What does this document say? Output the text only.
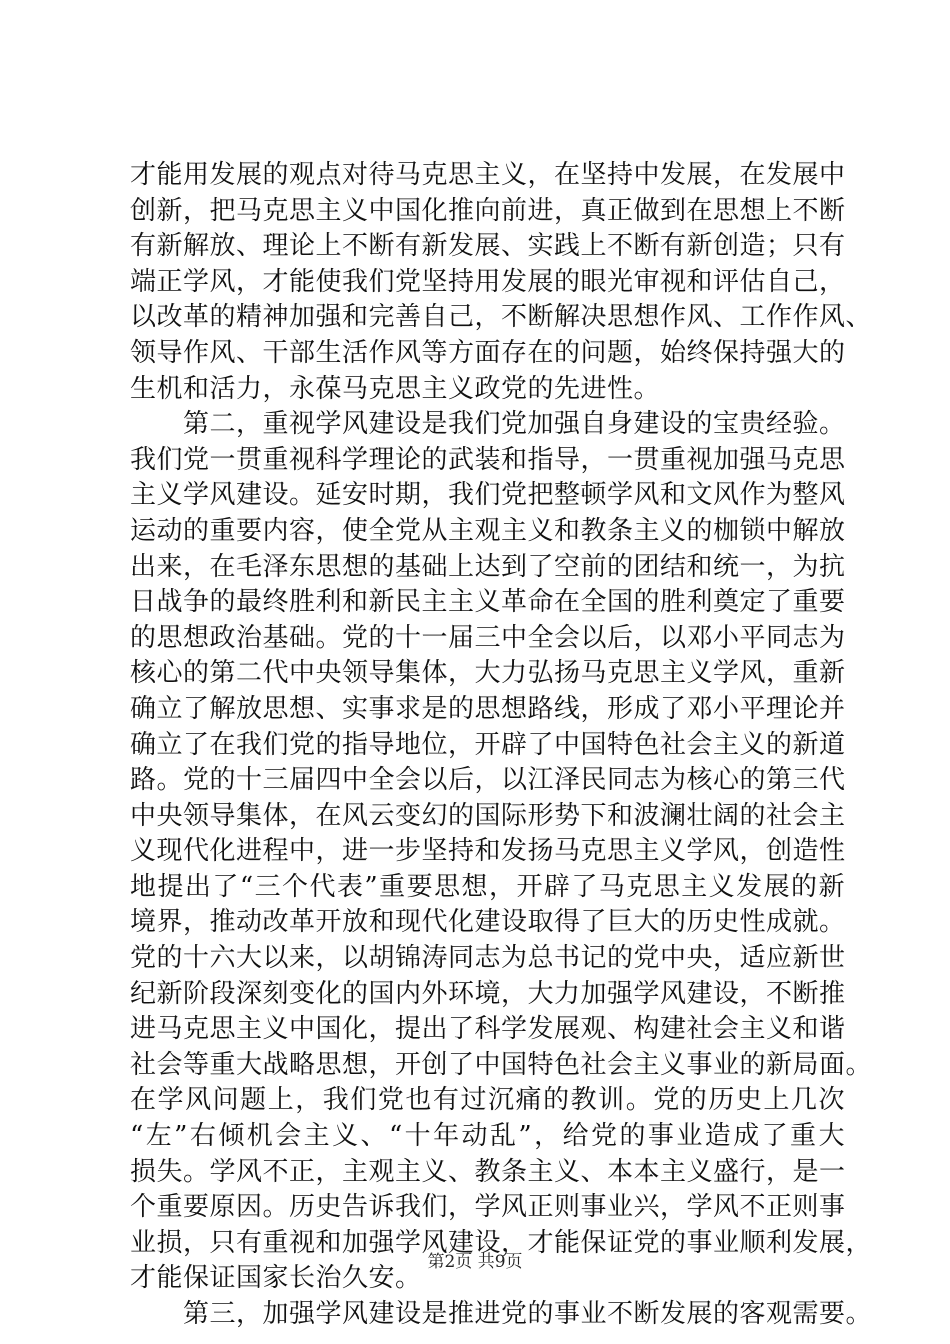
才能用发展的观点对待马克思主义，在坚持中发展，在发展中
创新，把马克思主义中国化推向前进，真正做到在思想上不断
有新解放、理论上不断有新发展、实践上不断有新创造；只有
端正学风，才能使我们党坚持用发展的眼光审视和评估自己，
以改革的精神加强和完善自己，不断解决思想作风、工作作风、
领导作风、干部生活作风等方面存在的问题，始终保持强大的
生机和活力，永葆马克思主义政党的先进性。
　　第二，重视学风建设是我们党加强自身建设的宝贵经验。
我们党一贯重视科学理论的武装和指导，一贯重视加强马克思
主义学风建设。延安时期，我们党把整顿学风和文风作为整风
运动的重要内容，使全党从主观主义和教条主义的枷锁中解放
出来，在毛泽东思想的基础上达到了空前的团结和统一，为抗
日战争的最终胜利和新民主主义革命在全国的胜利奠定了重要
的思想政治基础。党的十一届三中全会以后，以邓小平同志为
核心的第二代中央领导集体，大力弘扬马克思主义学风，重新
确立了解放思想、实事求是的思想路线，形成了邓小平理论并
确立了在我们党的指导地位，开辟了中国特色社会主义的新道
路。党的十三届四中全会以后，以江泽民同志为核心的第三代
中央领导集体，在风云变幻的国际形势下和波澜壮阔的社会主
义现代化进程中，进一步坚持和发扬马克思主义学风，创造性
地提出了“三个代表”重要思想，开辟了马克思主义发展的新
境界，推动改革开放和现代化建设取得了巨大的历史性成就。
党的十六大以来，以胡锦涛同志为总书记的党中央，适应新世
纪新阶段深刻变化的国内外环境，大力加强学风建设，不断推
进马克思主义中国化，提出了科学发展观、构建社会主义和谐
社会等重大战略思想，开创了中国特色社会主义事业的新局面。
在学风问题上，我们党也有过沉痛的教训。党的历史上几次
“左”右倾机会主义、“十年动乱”，给党的事业造成了重大
损失。学风不正，主观主义、教条主义、本本主义盛行，是一
个重要原因。历史告诉我们，学风正则事业兴，学风不正则事
业损，只有重视和加强学风建设，才能保证党的事业顺利发展，
才能保证国家长治久安。
　　第三，加强学风建设是推进党的事业不断发展的客观需要。
第2页 共9页
